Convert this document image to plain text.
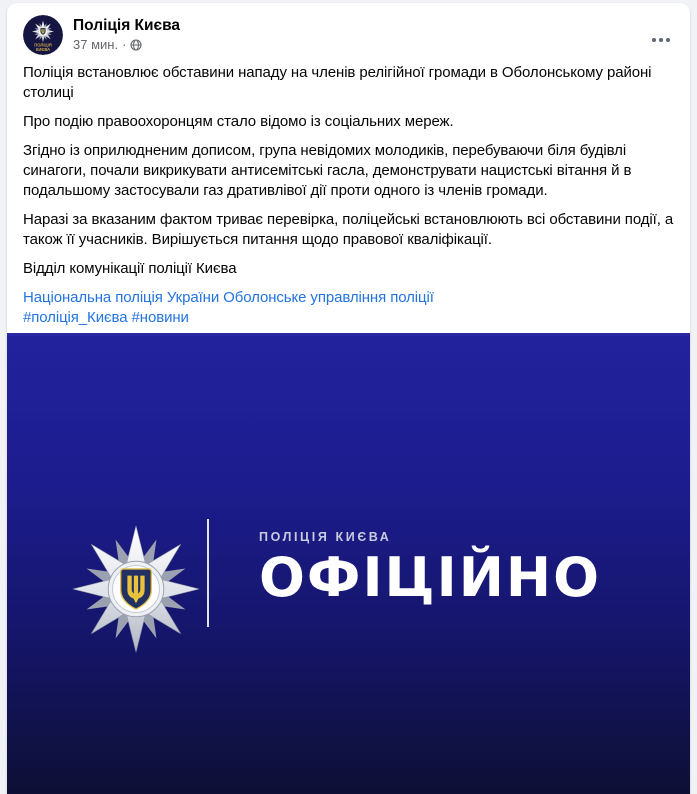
ПОЛІЦІЯ
КИЄВА
Поліція Києва
37 мин. ·

Поліція встановлює обставини нападу на членів релігійної громади в Оболонському районі столиці

Про подію правоохоронцям стало відомо із соціальних мереж.

Згідно із оприлюдненим дописом, група невідомих молодиків, перебуваючи біля будівлі синагоги, почали викрикувати антисемітські гасла, демонструвати нацистські вітання й в подальшому застосували газ дративлівої дії проти одного із членів громади.

Наразі за вказаним фактом триває перевірка, поліцейські встановлюють всі обставини події, а також її учасників. Вирішується питання щодо правової кваліфікації.

Відділ комунікації поліції Києва

Національна поліція України Оболонське управління поліції

#поліція_Києва #новини

ПОЛІЦІЯ КИЄВА
ОФІЦІЙНО
